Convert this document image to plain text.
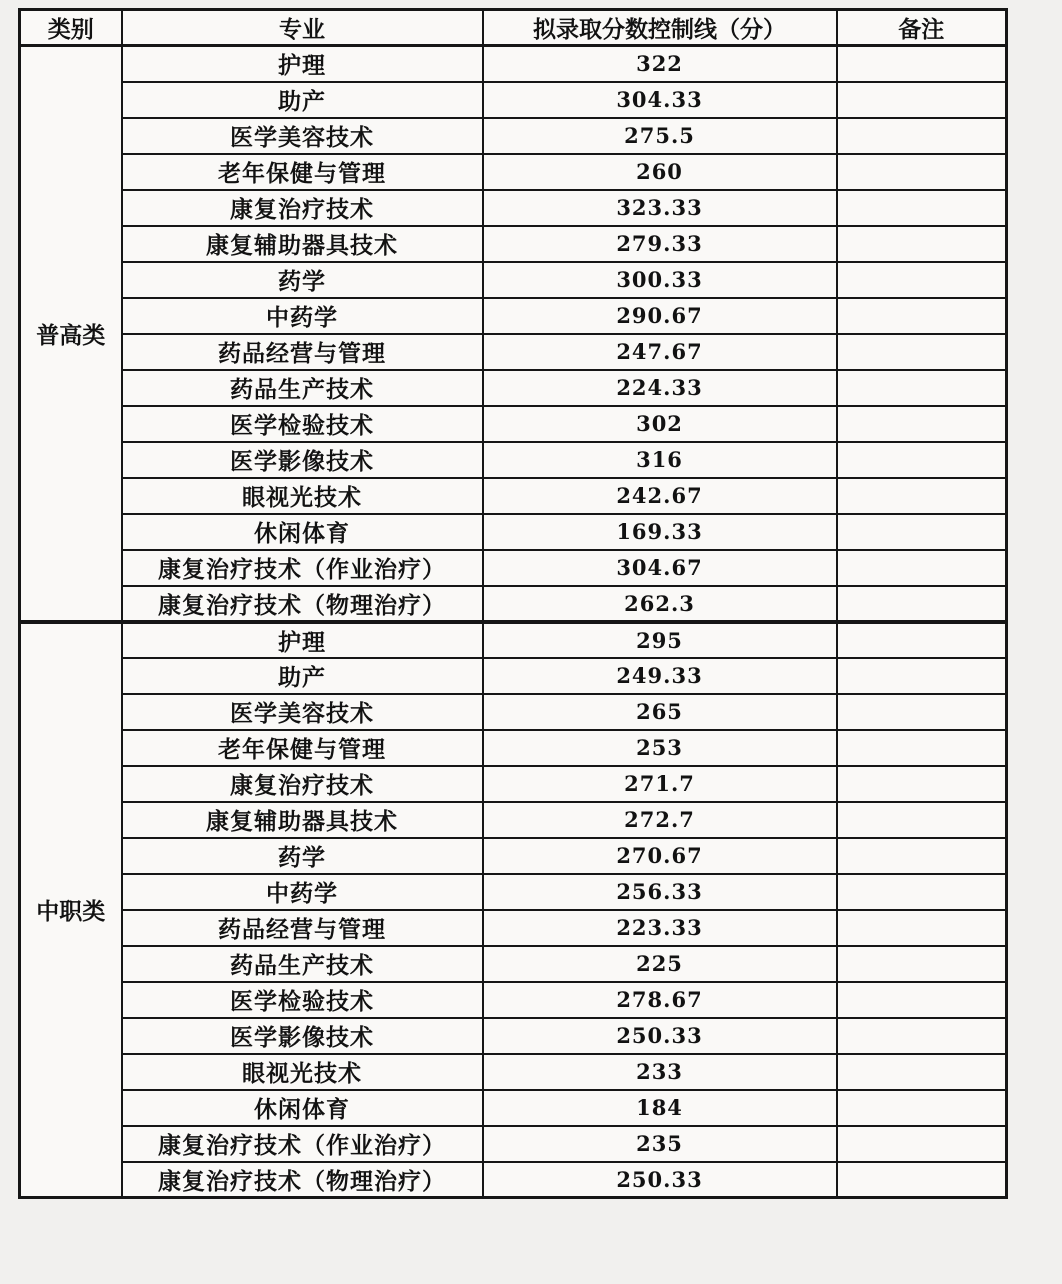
类别	专业	拟录取分数控制线（分）	备注
普高类	护理	322	
	助产	304.33	
	医学美容技术	275.5	
	老年保健与管理	260	
	康复治疗技术	323.33	
	康复辅助器具技术	279.33	
	药学	300.33	
	中药学	290.67	
	药品经营与管理	247.67	
	药品生产技术	224.33	
	医学检验技术	302	
	医学影像技术	316	
	眼视光技术	242.67	
	休闲体育	169.33	
	康复治疗技术（作业治疗）	304.67	
	康复治疗技术（物理治疗）	262.3	
中职类	护理	295	
	助产	249.33	
	医学美容技术	265	
	老年保健与管理	253	
	康复治疗技术	271.7	
	康复辅助器具技术	272.7	
	药学	270.67	
	中药学	256.33	
	药品经营与管理	223.33	
	药品生产技术	225	
	医学检验技术	278.67	
	医学影像技术	250.33	
	眼视光技术	233	
	休闲体育	184	
	康复治疗技术（作业治疗）	235	
	康复治疗技术（物理治疗）	250.33	
